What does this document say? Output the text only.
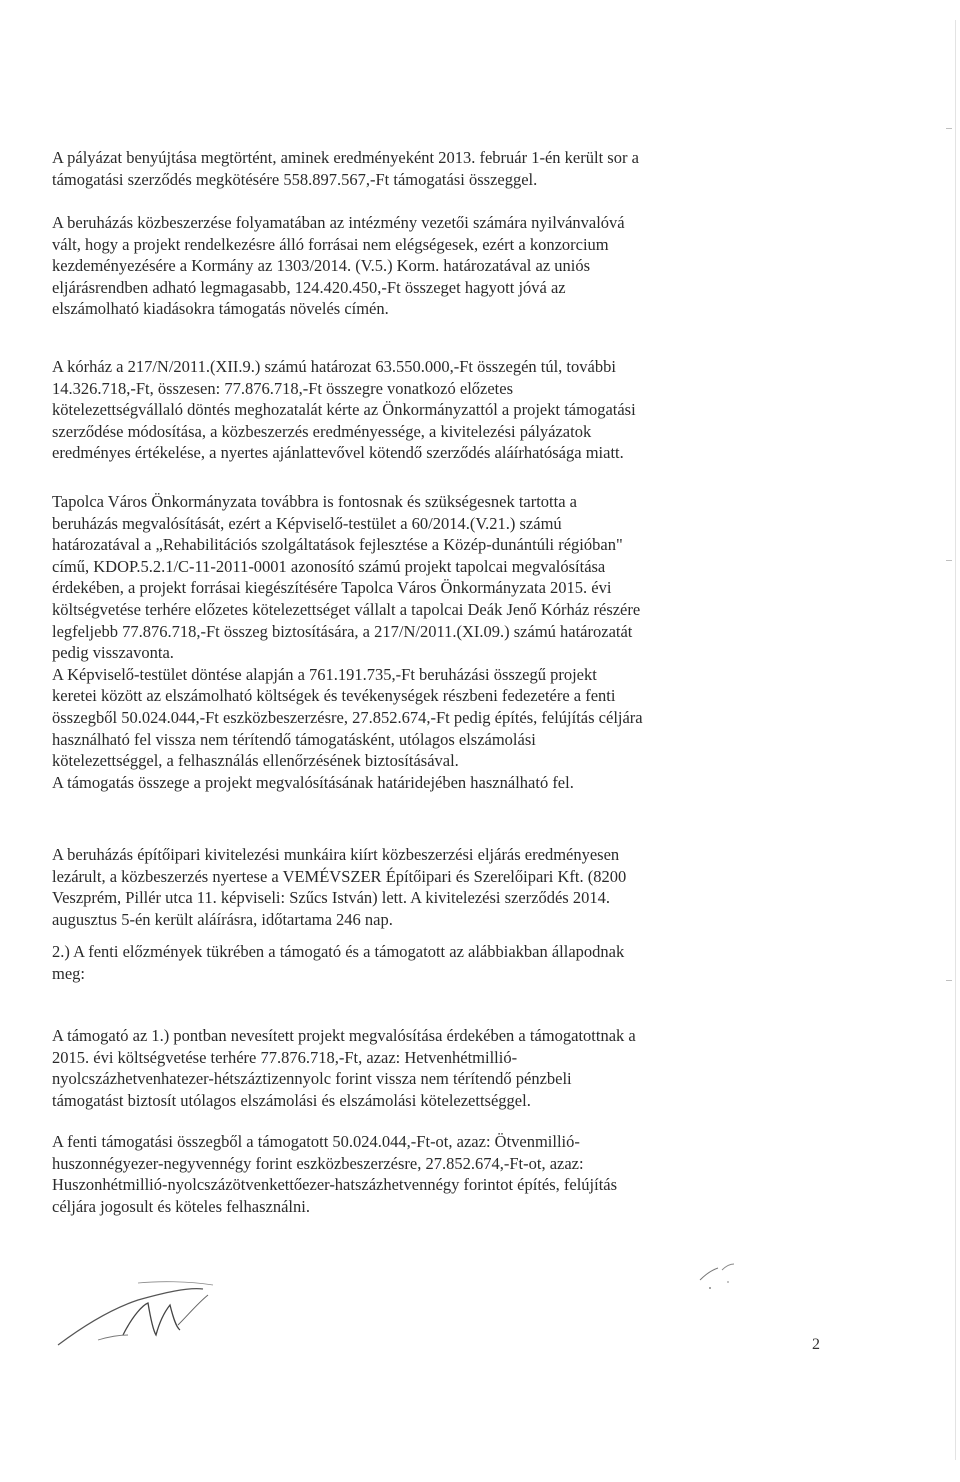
A pályázat benyújtása megtörtént, aminek eredményeként 2013. február 1-én került sor a
támogatási szerződés megkötésére 558.897.567,-Ft támogatási összeggel.
A beruházás közbeszerzése folyamatában az intézmény vezetői számára nyilvánvalóvá
vált, hogy a projekt rendelkezésre álló forrásai nem elégségesek, ezért a konzorcium
kezdeményezésére a Kormány az 1303/2014. (V.5.) Korm. határozatával az uniós
eljárásrendben adható legmagasabb, 124.420.450,-Ft összeget hagyott jóvá az
elszámolható kiadásokra támogatás növelés címén.
A kórház a 217/N/2011.(XII.9.) számú határozat 63.550.000,-Ft összegén túl, további
14.326.718,-Ft, összesen: 77.876.718,-Ft összegre vonatkozó előzetes
kötelezettségvállaló döntés meghozatalát kérte az Önkormányzattól a projekt támogatási
szerződése módosítása, a közbeszerzés eredményessége, a kivitelezési pályázatok
eredményes értékelése, a nyertes ajánlattevővel kötendő szerződés aláírhatósága miatt.
Tapolca Város Önkormányzata továbbra is fontosnak és szükségesnek tartotta a
beruházás megvalósítását, ezért a Képviselő-testület a 60/2014.(V.21.) számú
határozatával a „Rehabilitációs szolgáltatások fejlesztése a Közép-dunántúli régióban"
című, KDOP.5.2.1/C-11-2011-0001 azonosító számú projekt tapolcai megvalósítása
érdekében, a projekt forrásai kiegészítésére Tapolca Város Önkormányzata 2015. évi
költségvetése terhére előzetes kötelezettséget vállalt a tapolcai Deák Jenő Kórház részére
legfeljebb 77.876.718,-Ft összeg biztosítására, a 217/N/2011.(XI.09.) számú határozatát
pedig visszavonta.
A Képviselő-testület döntése alapján a 761.191.735,-Ft beruházási összegű projekt
keretei között az elszámolható költségek és tevékenységek részbeni fedezetére a fenti
összegből 50.024.044,-Ft eszközbeszerzésre, 27.852.674,-Ft pedig építés, felújítás céljára
használható fel vissza nem térítendő támogatásként, utólagos elszámolási
kötelezettséggel, a felhasználás ellenőrzésének biztosításával.
A támogatás összege a projekt megvalósításának határidejében használható fel.
A beruházás építőipari kivitelezési munkáira kiírt közbeszerzési eljárás eredményesen
lezárult, a közbeszerzés nyertese a VEMÉVSZER Építőipari és Szerelőipari Kft. (8200
Veszprém, Pillér utca 11. képviseli: Szűcs István) lett. A kivitelezési szerződés 2014.
augusztus 5-én került aláírásra, időtartama 246 nap.
2.) A fenti előzmények tükrében a támogató és a támogatott az alábbiakban állapodnak
meg:
A támogató az 1.) pontban nevesített projekt megvalósítása érdekében a támogatottnak a
2015. évi költségvetése terhére 77.876.718,-Ft, azaz: Hetvenhétmillió-
nyolcszázhetvenhatezer-hétszáztizennyolc forint vissza nem térítendő pénzbeli
támogatást biztosít utólagos elszámolási és elszámolási kötelezettséggel.
A fenti támogatási összegből a támogatott 50.024.044,-Ft-ot, azaz: Ötvenmillió-
huszonnégyezer-negyvennégy forint eszközbeszerzésre, 27.852.674,-Ft-ot, azaz:
Huszonhétmillió-nyolcszázötvenkettőezer-hatszázhetvennégy forintot építés, felújítás
céljára jogosult és köteles felhasználni.
2
